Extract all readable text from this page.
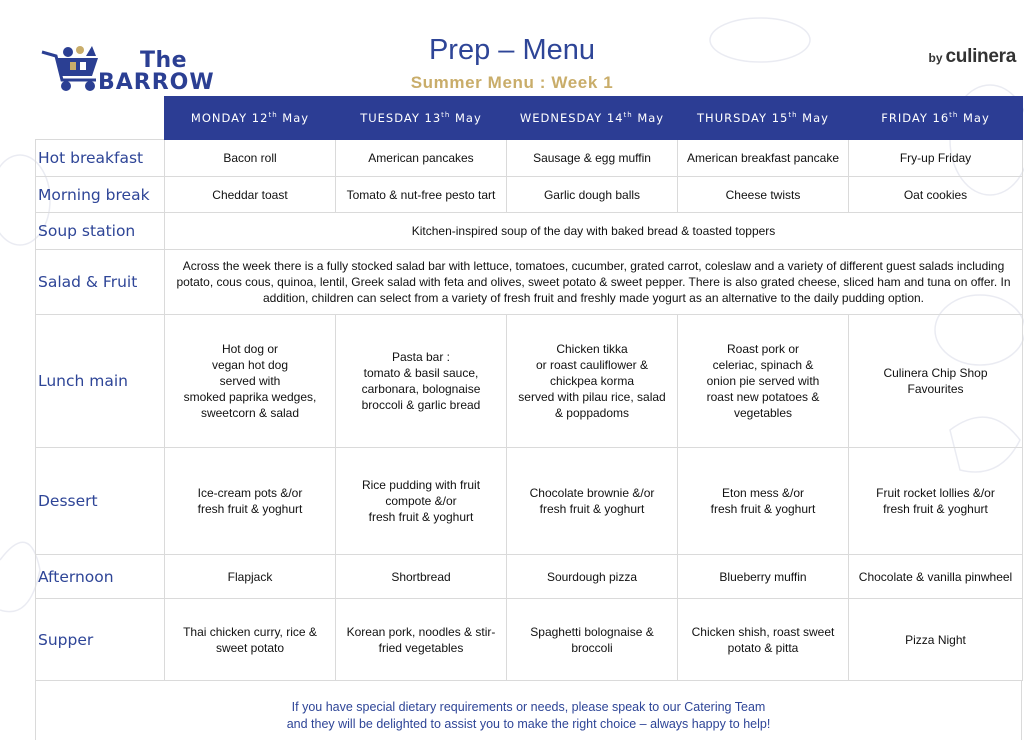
The
BARROW
Prep – Menu
Summer Menu : Week 1
by culinera
	MONDAY 12th May	TUESDAY 13th May	WEDNESDAY 14th May	THURSDAY 15th May	FRIDAY 16th May
Hot breakfast	Bacon roll	American pancakes	Sausage & egg muffin	American breakfast pancake	Fry-up Friday
Morning break	Cheddar toast	Tomato & nut-free pesto tart	Garlic dough balls	Cheese twists	Oat cookies
Soup station	Kitchen-inspired soup of the day with baked bread & toasted toppers				
Salad & Fruit	Across the week there is a fully stocked salad bar with lettuce, tomatoes, cucumber, grated carrot, coleslaw and a variety of different guest salads including potato, cous cous, quinoa, lentil, Greek salad with feta and olives, sweet potato & sweet pepper. There is also grated cheese, sliced ham and tuna on offer. In addition, children can select from a variety of fresh fruit and freshly made yogurt as an alternative to the daily pudding option.				
Lunch main	Hot dog or
vegan hot dog
served with
smoked paprika wedges,
sweetcorn & salad	Pasta bar :
tomato & basil sauce,
carbonara, bolognaise
broccoli & garlic bread	Chicken tikka
or roast cauliflower &
chickpea korma
served with pilau rice, salad
& poppadoms	Roast pork or
celeriac, spinach &
onion pie served with
roast new potatoes &
vegetables	Culinera Chip Shop
Favourites
Dessert	Ice-cream pots &/or
fresh fruit & yoghurt	Rice pudding with fruit
compote &/or
fresh fruit & yoghurt	Chocolate brownie &/or
fresh fruit & yoghurt	Eton mess &/or
fresh fruit & yoghurt	Fruit rocket lollies &/or
fresh fruit & yoghurt
Afternoon	Flapjack	Shortbread	Sourdough pizza	Blueberry muffin	Chocolate & vanilla pinwheel
Supper	Thai chicken curry, rice &
sweet potato	Korean pork, noodles & stir-
fried vegetables	Spaghetti bolognaise &
broccoli	Chicken shish, roast sweet
potato & pitta	Pizza Night
If you have special dietary requirements or needs, please speak to our Catering Team
and they will be delighted to assist you to make the right choice – always happy to help!
